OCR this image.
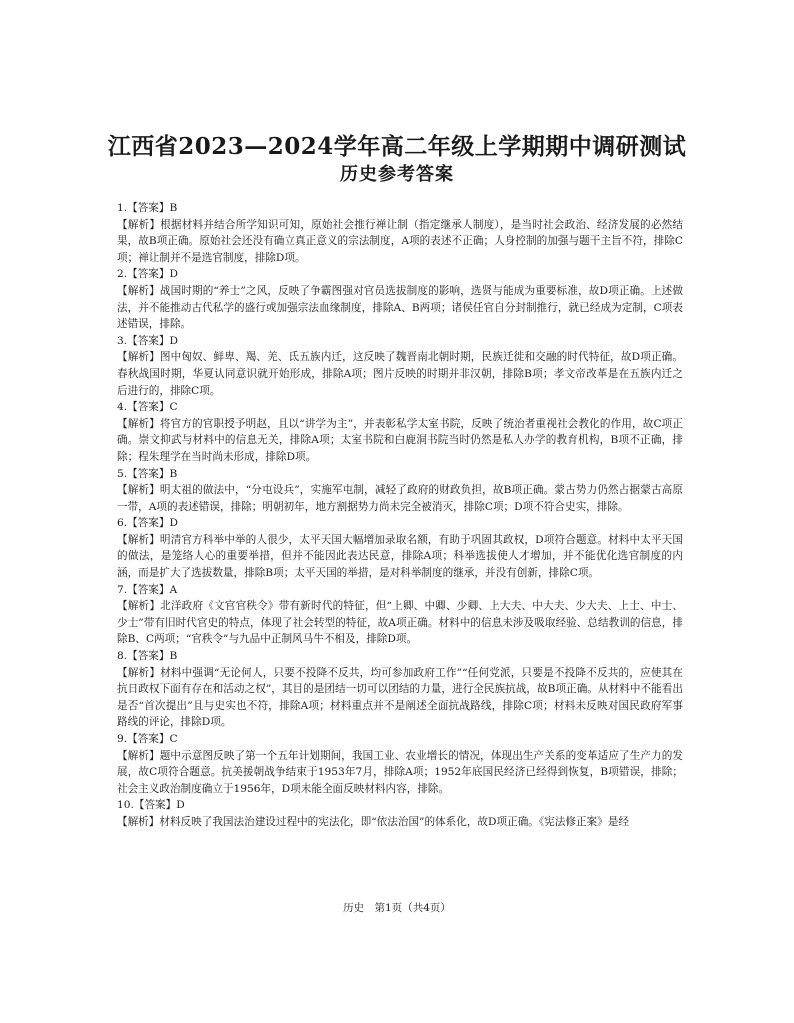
江西省2023—2024学年高二年级上学期期中调研测试
历史参考答案
1.【答案】B
【解析】根据材料并结合所学知识可知，原始社会推行禅让制（指定继承人制度），是当时社会政治、经济发展的必然结果，故B项正确。原始社会还没有确立真正意义的宗法制度，A项的表述不正确；人身控制的加强与题干主旨不符，排除C项；禅让制并不是选官制度，排除D项。
2.【答案】D
【解析】战国时期的“养士”之风，反映了争霸图强对官员选拔制度的影响，选贤与能成为重要标准，故D项正确。上述做法，并不能推动古代私学的盛行或加强宗法血缘制度，排除A、B两项；诸侯任官自分封制推行，就已经成为定制，C项表述错误，排除。
3.【答案】D
【解析】图中匈奴、鲜卑、羯、羌、氐五族内迁，这反映了魏晋南北朝时期，民族迁徙和交融的时代特征，故D项正确。春秋战国时期，华夏认同意识就开始形成，排除A项；图片反映的时期并非汉朝，排除B项；孝文帝改革是在五族内迁之后进行的，排除C项。
4.【答案】C
【解析】将官方的官职授予明赵，且以“讲学为主”，并表彰私学太室书院，反映了统治者重视社会教化的作用，故C项正确。崇文抑武与材料中的信息无关，排除A项；太室书院和白鹿洞书院当时仍然是私人办学的教育机构，B项不正确，排除；程朱理学在当时尚未形成，排除D项。
5.【答案】B
【解析】明太祖的做法中，“分屯设兵”，实施军屯制，减轻了政府的财政负担，故B项正确。蒙古势力仍然占据蒙古高原一带，A项的表述错误，排除；明朝初年，地方割据势力尚未完全被消灭，排除C项；D项不符合史实，排除。
6.【答案】D
【解析】明清官方科举中举的人很少，太平天国大幅增加录取名额，有助于巩固其政权，D项符合题意。材料中太平天国的做法，是笼络人心的重要举措，但并不能因此表达民意，排除A项；科举选拔使人才增加，并不能优化选官制度的内涵，而是扩大了选拔数量，排除B项；太平天国的举措，是对科举制度的继承，并没有创新，排除C项。
7.【答案】A
【解析】北洋政府《文官官秩令》带有新时代的特征，但“上卿、中卿、少卿、上大夫、中大夫、少大夫、上士、中士、少士”带有旧时代官史的特点，体现了社会转型的特征，故A项正确。材料中的信息未涉及吸取经验、总结教训的信息，排除B、C两项；“官秩令”与九品中正制风马牛不相及，排除D项。
8.【答案】B
【解析】材料中强调“无论何人，只要不投降不反共，均可参加政府工作”“任何党派，只要是不投降不反共的，应使其在抗日政权下面有存在和活动之权”，其目的是团结一切可以团结的力量，进行全民族抗战，故B项正确。从材料中不能看出是否“首次提出”且与史实也不符，排除A项；材料重点并不是阐述全面抗战路线，排除C项；材料未反映对国民政府军事路线的评论，排除D项。
9.【答案】C
【解析】题中示意图反映了第一个五年计划期间，我国工业、农业增长的情况，体现出生产关系的变革适应了生产力的发展，故C项符合题意。抗美援朝战争结束于1953年7月，排除A项；1952年底国民经济已经得到恢复，B项错误，排除；社会主义政治制度确立于1956年，D项未能全面反映材料内容，排除。
10.【答案】D
【解析】材料反映了我国法治建设过程中的宪法化，即“依法治国”的体系化，故D项正确。《宪法修正案》是经
历史　第1页（共4页）
